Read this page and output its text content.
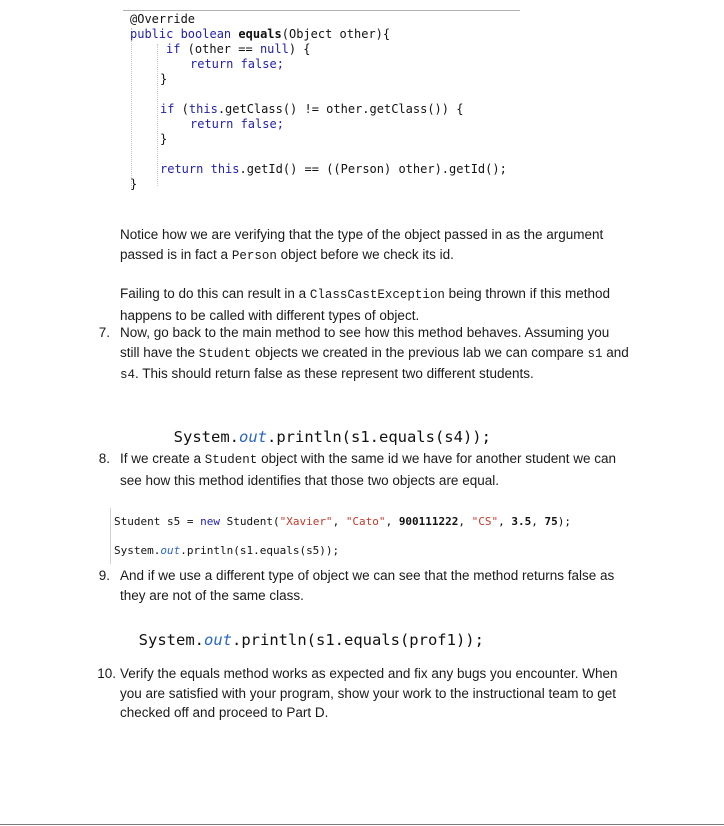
@Override
public boolean equals(Object other){
if (other == null) {
return false;
}
if (this.getClass() != other.getClass()) {
return false;
}
return this.getId() == ((Person) other).getId();
}
Notice how we are verifying that the type of the object passed in as the argument passed is in fact a Person object before we check its id.
Failing to do this can result in a ClassCastException being thrown if this method happens to be called with different types of object.
7. Now, go back to the main method to see how this method behaves. Assuming you still have the Student objects we created in the previous lab we can compare s1 and s4. This should return false as these represent two different students.

System.out.println(s1.equals(s4));

8. If we create a Student object with the same id we have for another student we can see how this method identifies that those two objects are equal.
Student s5 = new Student("Xavier", "Cato", 900111222, "CS", 3.5, 75);
System.out.println(s1.equals(s5));
9. And if we use a different type of object we can see that the method returns false as they are not of the same class.

System.out.println(s1.equals(prof1));

10. Verify the equals method works as expected and fix any bugs you encounter. When you are satisfied with your program, show your work to the instructional team to get checked off and proceed to Part D.
